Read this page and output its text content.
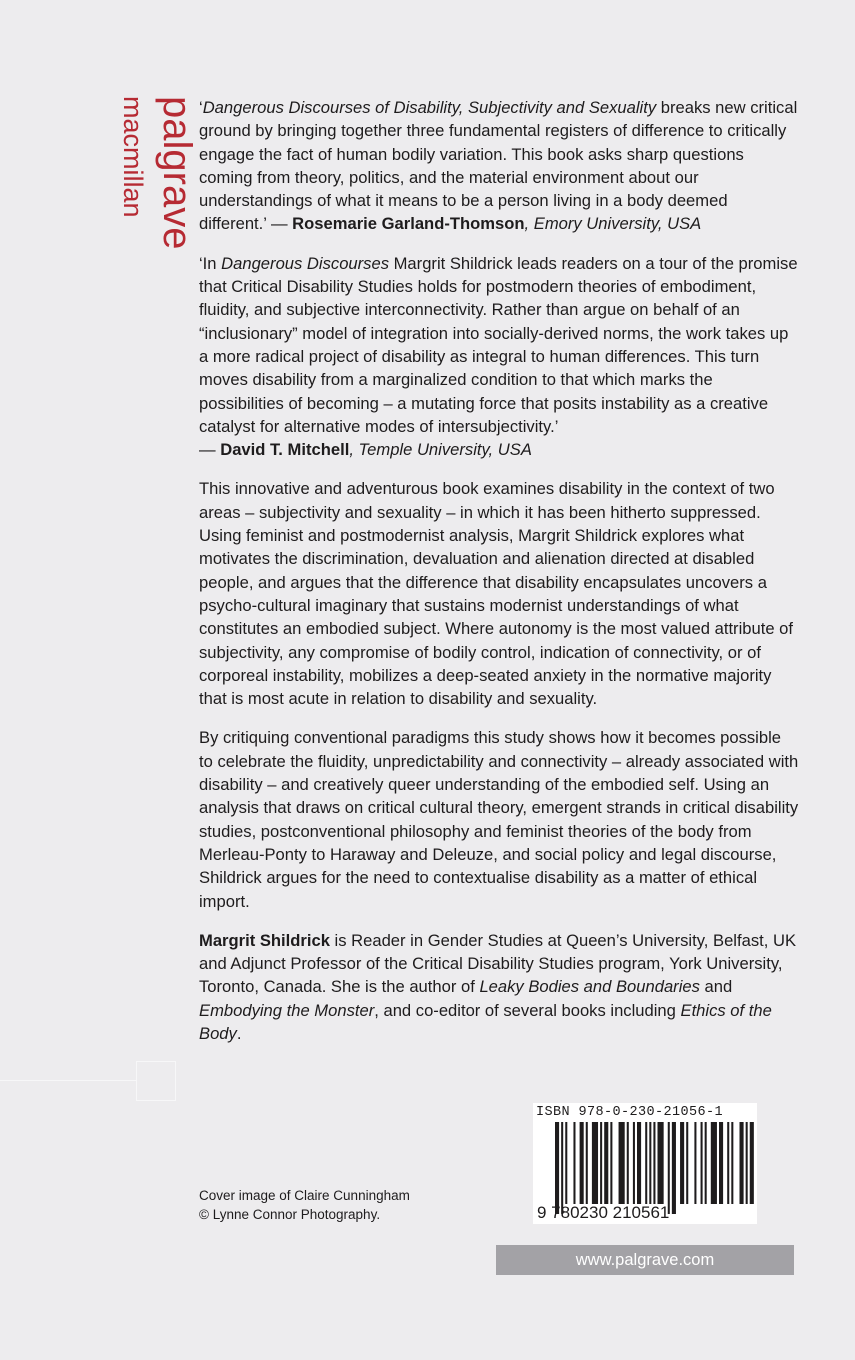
palgrave
macmillan	‘Dangerous Discourses of Disability, Subjectivity and Sexuality breaks new critical ground by bringing together three fundamental registers of difference to critically engage the fact of human bodily variation. This book asks sharp questions coming from theory, politics, and the material environment about our understandings of what it means to be a person living in a body deemed different.’ — Rosemarie Garland-Thomson, Emory University, USA

‘In Dangerous Discourses Margrit Shildrick leads readers on a tour of the promise that Critical Disability Studies holds for postmodern theories of embodiment, fluidity, and subjective interconnectivity. Rather than argue on behalf of an “inclusionary” model of integration into socially-derived norms, the work takes up a more radical project of disability as integral to human differences. This turn moves disability from a marginalized condition to that which marks the possibilities of becoming – a mutating force that posits instability as a creative catalyst for alternative modes of intersubjectivity.’
— David T. Mitchell, Temple University, USA

This innovative and adventurous book examines disability in the context of two areas – subjectivity and sexuality – in which it has been hitherto suppressed. Using feminist and postmodernist analysis, Margrit Shildrick explores what motivates the discrimination, devaluation and alienation directed at disabled people, and argues that the difference that disability encapsulates uncovers a psycho-cultural imaginary that sustains modernist understandings of what constitutes an embodied subject. Where autonomy is the most valued attribute of subjectivity, any compromise of bodily control, indication of connectivity, or of corporeal instability, mobilizes a deep-seated anxiety in the normative majority that is most acute in relation to disability and sexuality.

By critiquing conventional paradigms this study shows how it becomes possible to celebrate the fluidity, unpredictability and connectivity – already associated with disability – and creatively queer understanding of the embodied self. Using an analysis that draws on critical cultural theory, emergent strands in critical disability studies, postconventional philosophy and feminist theories of the body from Merleau-Ponty to Haraway and Deleuze, and social policy and legal discourse, Shildrick argues for the need to contextualise disability as a matter of ethical import.

Margrit Shildrick is Reader in Gender Studies at Queen’s University, Belfast, UK and Adjunct Professor of the Critical Disability Studies program, York University, Toronto, Canada. She is the author of Leaky Bodies and Boundaries and Embodying the Monster, and co-editor of several books including Ethics of the Body.

Cover image of Claire Cunningham
© Lynne Connor Photography.
ISBN 978-0-230-21056-1
9 780230 210561
www.palgrave.com
